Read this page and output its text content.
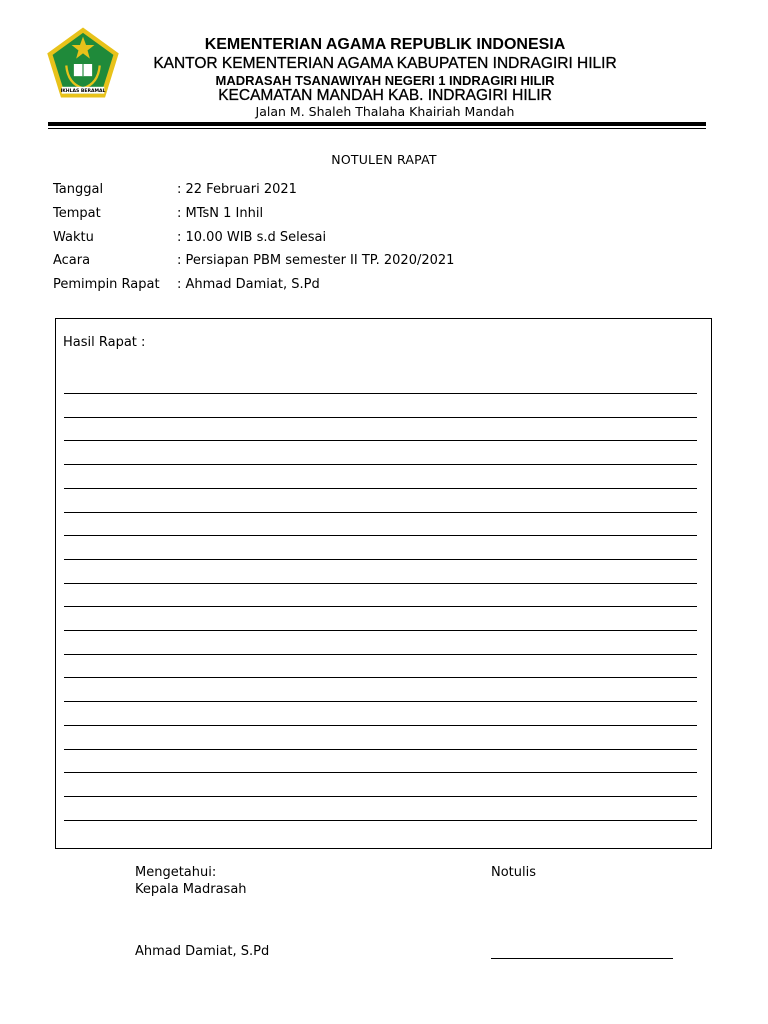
IKHLAS BERAMAL
KEMENTERIAN AGAMA REPUBLIK INDONESIA
KANTOR KEMENTERIAN AGAMA KABUPATEN INDRAGIRI HILIR
MADRASAH TSANAWIYAH NEGERI 1 INDRAGIRI HILIR
KECAMATAN MANDAH KAB. INDRAGIRI HILIR
Jalan M. Shaleh Thalaha Khairiah Mandah
NOTULEN RAPAT
Tanggal	: 22 Februari 2021
Tempat	: MTsN 1 Inhil
Waktu	: 10.00 WIB s.d Selesai
Acara	: Persiapan PBM semester II TP. 2020/2021
Pemimpin Rapat : Ahmad Damiat, S.Pd
Hasil Rapat :
Mengetahui:
Kepala Madrasah
Ahmad Damiat, S.Pd
Notulis
